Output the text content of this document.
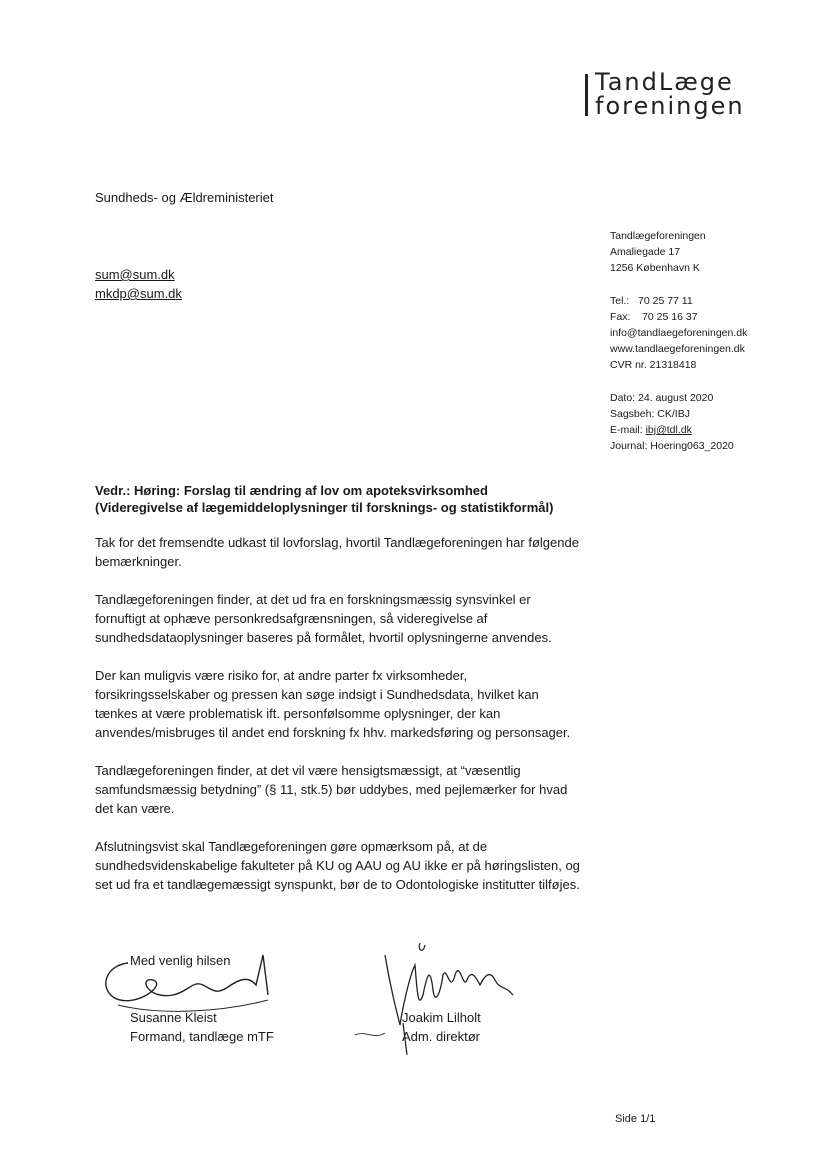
TandLæge
foreningen
Sundheds- og Ældreministeriet
sum@sum.dk
mkdp@sum.dk
Tandlægeforeningen
Amaliegade 17
1256 København K
Tel.:   70 25 77 11
Fax:    70 25 16 37
info@tandlaegeforeningen.dk
www.tandlaegeforeningen.dk
CVR nr. 21318418
Dato: 24. august 2020
Sagsbeh: CK/IBJ
E-mail: ibj@tdl.dk
Journal: Hoering063_2020
Vedr.: Høring: Forslag til ændring af lov om apoteksvirksomhed (Videregivelse af lægemiddeloplysninger til forsknings- og statistikformål)

Tak for det fremsendte udkast til lovforslag, hvortil Tandlægeforeningen har følgende bemærkninger.

Tandlægeforeningen finder, at det ud fra en forskningsmæssig synsvinkel er fornuftigt at ophæve personkredsafgrænsningen, så videregivelse af sundhedsdataoplysninger baseres på formålet, hvortil oplysningerne anvendes.

Der kan muligvis være risiko for, at andre parter fx virksomheder, forsikringsselskaber og pressen kan søge indsigt i Sundhedsdata, hvilket kan tænkes at være problematisk ift. personfølsomme oplysninger, der kan anvendes/misbruges til andet end forskning fx hhv. markedsføring og personsager.

Tandlægeforeningen finder, at det vil være hensigtsmæssigt, at “væsentlig samfundsmæssig betydning” (§ 11, stk.5) bør uddybes, med pejlemærker for hvad det kan være.

Afslutningsvist skal Tandlægeforeningen gøre opmærksom på, at de sundhedsvidenskabelige fakulteter på KU og AAU og AU ikke er på høringslisten, og set ud fra et tandlægemæssigt synspunkt, bør de to Odontologiske institutter tilføjes.

Med venlig hilsen
Susanne Kleist
Formand, tandlæge mTF
Joakim Lilholt
Adm. direktør
Side 1/1
